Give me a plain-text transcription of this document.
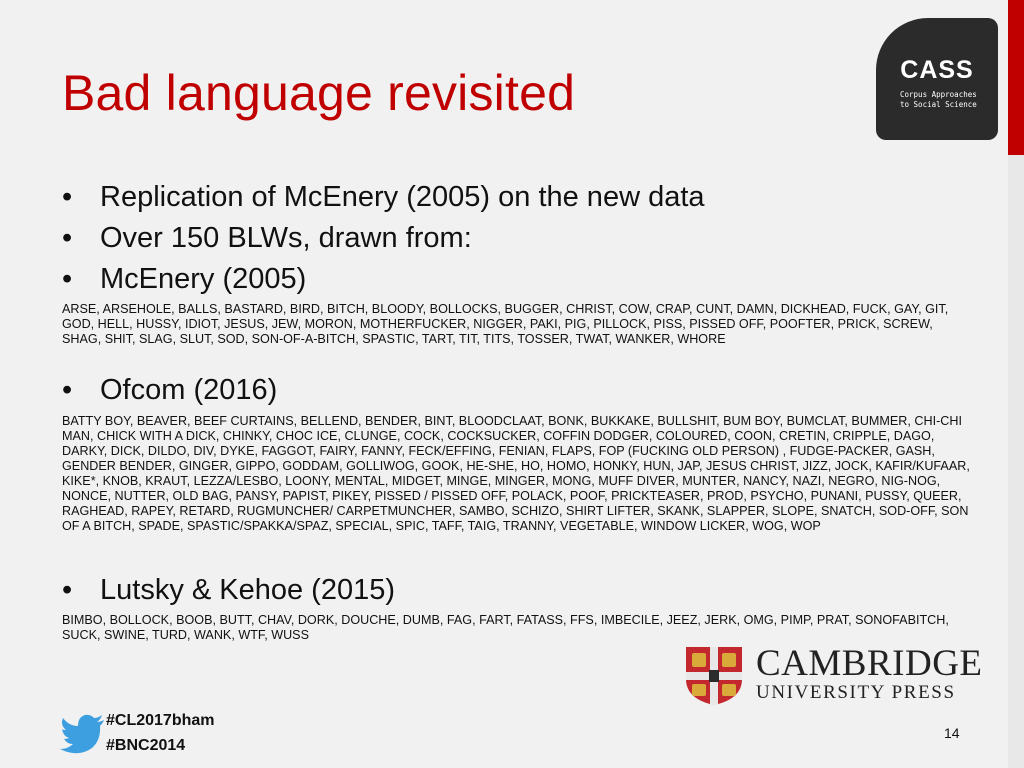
Bad language revisited	CASS
Corpus Approaches
to Social Science
• Replication of McEnery (2005) on the new data
• Over 150 BLWs, drawn from:
• McEnery (2005)
ARSE, ARSEHOLE, BALLS, BASTARD, BIRD, BITCH, BLOODY, BOLLOCKS, BUGGER, CHRIST, COW, CRAP, CUNT, DAMN, DICKHEAD, FUCK, GAY, GIT, GOD, HELL, HUSSY, IDIOT, JESUS, JEW, MORON, MOTHERFUCKER, NIGGER, PAKI, PIG, PILLOCK, PISS, PISSED OFF, POOFTER, PRICK, SCREW, SHAG, SHIT, SLAG, SLUT, SOD, SON-OF-A-BITCH, SPASTIC, TART, TIT, TITS, TOSSER, TWAT, WANKER, WHORE
• Ofcom (2016)
BATTY BOY, BEAVER, BEEF CURTAINS, BELLEND, BENDER, BINT, BLOODCLAAT, BONK, BUKKAKE, BULLSHIT, BUM BOY, BUMCLAT, BUMMER, CHI-CHI MAN, CHICK WITH A DICK, CHINKY, CHOC ICE, CLUNGE, COCK, COCKSUCKER, COFFIN DODGER, COLOURED, COON, CRETIN, CRIPPLE, DAGO, DARKY, DICK, DILDO, DIV, DYKE, FAGGOT, FAIRY, FANNY, FECK/EFFING, FENIAN, FLAPS, FOP (FUCKING OLD PERSON) , FUDGE-PACKER, GASH, GENDER BENDER, GINGER, GIPPO, GODDAM, GOLLIWOG, GOOK, HE-SHE, HO, HOMO, HONKY, HUN, JAP, JESUS CHRIST, JIZZ, JOCK, KAFIR/KUFAAR, KIKE*, KNOB, KRAUT, LEZZA/LESBO, LOONY, MENTAL, MIDGET, MINGE, MINGER, MONG, MUFF DIVER, MUNTER, NANCY, NAZI, NEGRO, NIG-NOG, NONCE, NUTTER, OLD BAG, PANSY, PAPIST, PIKEY, PISSED / PISSED OFF, POLACK, POOF, PRICKTEASER, PROD, PSYCHO, PUNANI, PUSSY, QUEER, RAGHEAD, RAPEY, RETARD, RUGMUNCHER/ CARPETMUNCHER, SAMBO, SCHIZO, SHIRT LIFTER, SKANK, SLAPPER, SLOPE, SNATCH, SOD-OFF, SON OF A BITCH, SPADE, SPASTIC/SPAKKA/SPAZ, SPECIAL, SPIC, TAFF, TAIG, TRANNY, VEGETABLE, WINDOW LICKER, WOG, WOP
• Lutsky & Kehoe (2015)
BIMBO, BOLLOCK, BOOB, BUTT, CHAV, DORK, DOUCHE, DUMB, FAG, FART, FATASS, FFS, IMBECILE, JEEZ, JERK, OMG, PIMP, PRAT, SONOFABITCH, SUCK, SWINE, TURD, WANK, WTF, WUSS
CAMBRIDGE
UNIVERSITY PRESS
#CL2017bham
#BNC2014
14
